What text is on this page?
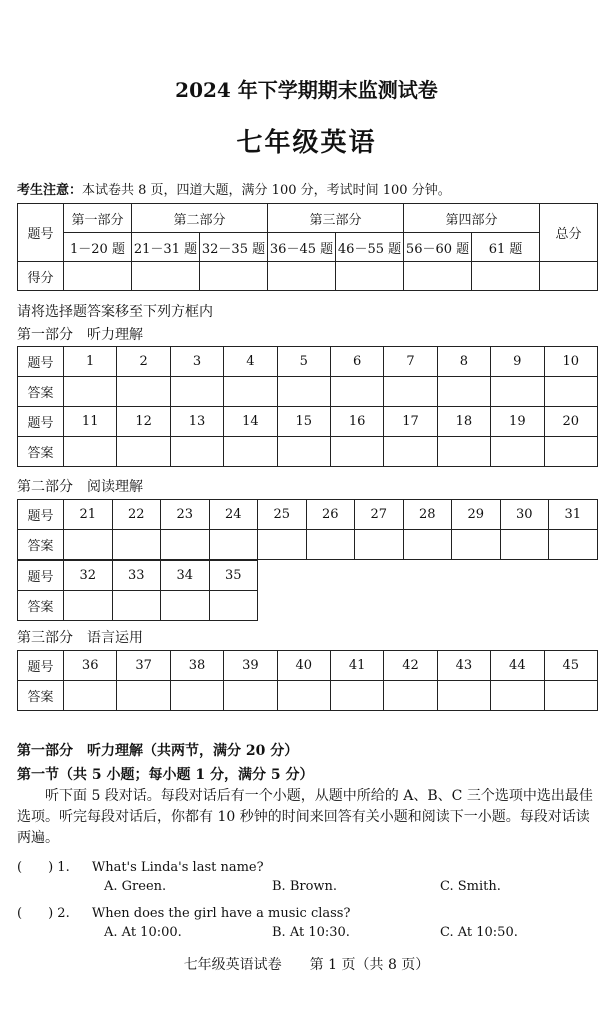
2024 年下学期期末监测试卷
七年级英语
考生注意：本试卷共 8 页，四道大题，满分 100 分，考试时间 100 分钟。
题号	第一部分	第二部分		第三部分		第四部分		总分
	1－20 题	21－31 题	32－35 题	36－45 题	46－55 题	56－60 题	61 题	
得分								
请将选择题答案移至下列方框内
第一部分　听力理解
题号	1	2	3	4	5	6	7	8	9	10
答案										
题号	11	12	13	14	15	16	17	18	19	20
答案										
第二部分　阅读理解
题号	21	22	23	24	25	26	27	28	29	30	31
答案											
题号	32	33	34	35
答案				
第三部分　语言运用
题号	36	37	38	39	40	41	42	43	44	45
答案										
第一部分　听力理解（共两节，满分 20 分）
第一节（共 5 小题；每小题 1 分，满分 5 分）
听下面 5 段对话。每段对话后有一个小题，从题中所给的 A、B、C 三个选项中选出最佳选项。听完每段对话后，你都有 10 秒钟的时间来回答有关小题和阅读下一小题。每段对话读两遍。
(　　) 1. What's Linda's last name?
A. Green.	B. Brown.	C. Smith.
(　　) 2. When does the girl have a music class?
A. At 10:00.	B. At 10:30.	C. At 10:50.
七年级英语试卷　　第 1 页（共 8 页）
